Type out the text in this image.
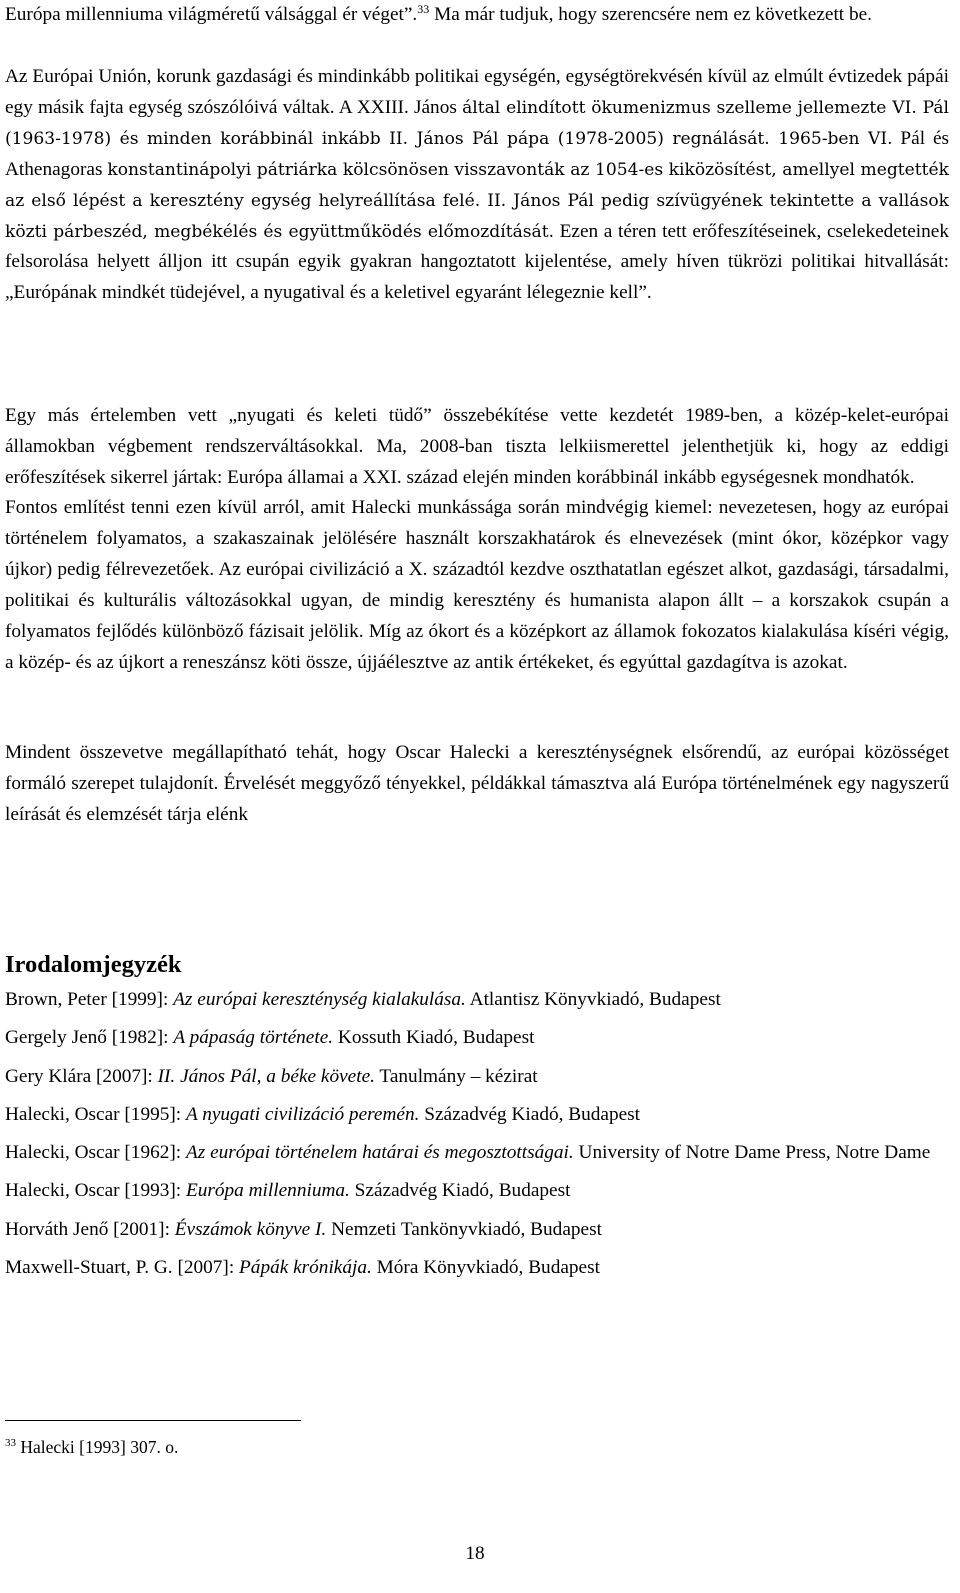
Európa millenniuma világméretű válsággal ér véget”.$^{33}$ Ma már tudjuk, hogy szerencsére nem ez következett be.

Az Európai Unión, korunk gazdasági és mindinkább politikai egységén, egységtörekvésén kívül az elmúlt évtizedek pápái egy másik fajta egység szószólóivá váltak. A XXIII. János által elindított ökumenizmus szelleme jellemezte VI. Pál (1963-1978) és minden korábbinál inkább II. János Pál pápa (1978-2005) regnálását. 1965-ben VI. Pál és Athenagoras konstantinápolyi pátriárka kölcsönösen visszavonták az 1054-es kiközösítést, amellyel megtették az első lépést a keresztény egység helyreállítása felé. II. János Pál pedig szívügyének tekintette a vallások közti párbeszéd, megbékélés és együttműködés előmozdítását. Ezen a téren tett erőfeszítéseinek, cselekedeteinek felsorolása helyett álljon itt csupán egyik gyakran hangoztatott kijelentése, amely híven tükrözi politikai hitvallását: „Európának mindkét tüdejével, a nyugatival és a keletivel egyaránt lélegeznie kell”.

Egy más értelemben vett „nyugati és keleti tüdő” összebékítése vette kezdetét 1989-ben, a közép-kelet-európai államokban végbement rendszerváltásokkal. Ma, 2008-ban tiszta lelkiismerettel jelenthetjük ki, hogy az eddigi erőfeszítések sikerrel jártak: Európa államai a XXI. század elején minden korábbinál inkább egységesnek mondhatók.

Fontos említést tenni ezen kívül arról, amit Halecki munkássága során mindvégig kiemel: nevezetesen, hogy az európai történelem folyamatos, a szakaszainak jelölésére használt korszakhatárok és elnevezések (mint ókor, középkor vagy újkor) pedig félrevezetőek. Az európai civilizáció a X. századtól kezdve oszthatatlan egészet alkot, gazdasági, társadalmi, politikai és kulturális változásokkal ugyan, de mindig keresztény és humanista alapon állt – a korszakok csupán a folyamatos fejlődés különböző fázisait jelölik. Míg az ókort és a középkort az államok fokozatos kialakulása kíséri végig, a közép- és az újkort a reneszánsz köti össze, újjáélesztve az antik értékeket, és egyúttal gazdagítva is azokat.

Mindent összevetve megállapítható tehát, hogy Oscar Halecki a kereszténységnek elsőrendű, az európai közösséget formáló szerepet tulajdonít. Érvelését meggyőző tényekkel, példákkal támasztva alá Európa történelmének egy nagyszerű leírását és elemzését tárja elénk

Irodalomjegyzék
Brown, Peter [1999]: Az európai kereszténység kialakulása. Atlantisz Könyvkiadó, Budapest
Gergely Jenő [1982]: A pápaság története. Kossuth Kiadó, Budapest
Gery Klára [2007]: II. János Pál, a béke követe. Tanulmány – kézirat
Halecki, Oscar [1995]: A nyugati civilizáció peremén. Századvég Kiadó, Budapest
Halecki, Oscar [1962]: Az európai történelem határai és megosztottságai. University of Notre Dame Press, Notre Dame
Halecki, Oscar [1993]: Európa millenniuma. Századvég Kiadó, Budapest
Horváth Jenő [2001]: Évszámok könyve I. Nemzeti Tankönyvkiadó, Budapest
Maxwell-Stuart, P. G. [2007]: Pápák krónikája. Móra Könyvkiadó, Budapest
$^{33}$ Halecki [1993] 307. o.
18
